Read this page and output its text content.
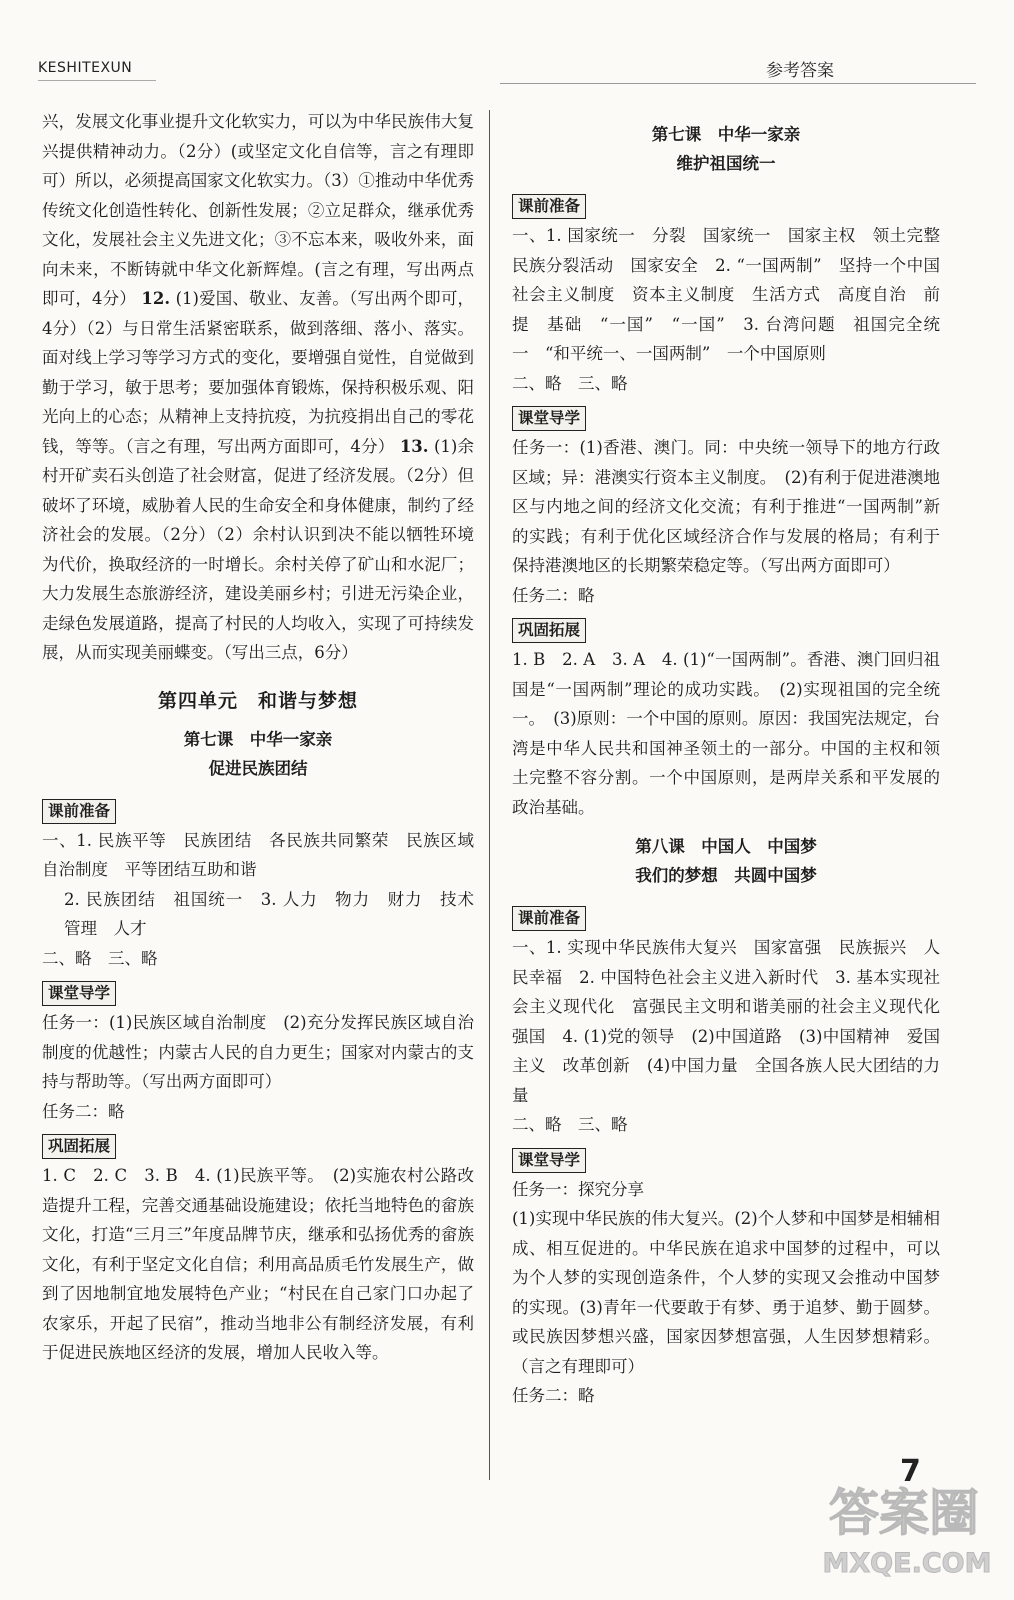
KESHITEXUN	参考答案

兴，发展文化事业提升文化软实力，可以为中华民族伟大复兴提供精神动力。（2分）(或坚定文化自信等，言之有理即可）所以，必须提高国家文化软实力。（3）①推动中华优秀传统文化创造性转化、创新性发展；②立足群众，继承优秀文化，发展社会主义先进文化；③不忘本来，吸收外来，面向未来，不断铸就中华文化新辉煌。(言之有理，写出两点即可，4分） 12. (1)爱国、敬业、友善。（写出两个即可，4分）（2）与日常生活紧密联系，做到落细、落小、落实。面对线上学习等学习方式的变化，要增强自觉性，自觉做到勤于学习，敏于思考；要加强体育锻炼，保持积极乐观、阳光向上的心态；从精神上支持抗疫，为抗疫捐出自己的零花钱，等等。（言之有理，写出两方面即可，4分） 13. (1)余村开矿卖石头创造了社会财富，促进了经济发展。（2分）但破坏了环境，威胁着人民的生命安全和身体健康，制约了经济社会的发展。（2分）（2）余村认识到决不能以牺牲环境为代价，换取经济的一时增长。余村关停了矿山和水泥厂；大力发展生态旅游经济，建设美丽乡村；引进无污染企业，走绿色发展道路，提高了村民的人均收入，实现了可持续发展，从而实现美丽蝶变。（写出三点，6分）

第四单元　和谐与梦想
第七课　中华一家亲
促进民族团结
课前准备

一、1. 民族平等　民族团结　各民族共同繁荣　民族区域自治制度　平等团结互助和谐

2. 民族团结　祖国统一　3. 人力　物力　财力　技术　管理　人才

二、略　三、略

课堂导学

任务一：(1)民族区域自治制度　(2)充分发挥民族区域自治制度的优越性；内蒙古人民的自力更生；国家对内蒙古的支持与帮助等。（写出两方面即可）

任务二：略

巩固拓展

1. C　2. C　3. B　4. (1)民族平等。　(2)实施农村公路改造提升工程，完善交通基础设施建设；依托当地特色的畲族文化，打造“三月三”年度品牌节庆，继承和弘扬优秀的畲族文化，有利于坚定文化自信；利用高品质毛竹发展生产，做到了因地制宜地发展特色产业；“村民在自己家门口办起了农家乐，开起了民宿”，推动当地非公有制经济发展，有利于促进民族地区经济的发展，增加人民收入等。

第七课　中华一家亲
维护祖国统一
课前准备

一、1. 国家统一　分裂　国家统一　国家主权　领土完整　民族分裂活动　国家安全　2. “一国两制”　坚持一个中国　社会主义制度　资本主义制度　生活方式　高度自治　前提　基础　“一国”　“一国”　3. 台湾问题　祖国完全统一　“和平统一、一国两制”　一个中国原则

二、略　三、略

课堂导学

任务一：(1)香港、澳门。同：中央统一领导下的地方行政区域；异：港澳实行资本主义制度。　(2)有利于促进港澳地区与内地之间的经济文化交流；有利于推进“一国两制”新的实践；有利于优化区域经济合作与发展的格局；有利于保持港澳地区的长期繁荣稳定等。（写出两方面即可）

任务二：略

巩固拓展

1. B　2. A　3. A　4. (1)“一国两制”。香港、澳门回归祖国是“一国两制”理论的成功实践。　(2)实现祖国的完全统一。　(3)原则：一个中国的原则。原因：我国宪法规定，台湾是中华人民共和国神圣领土的一部分。中国的主权和领土完整不容分割。一个中国原则，是两岸关系和平发展的政治基础。

第八课　中国人　中国梦
我们的梦想　共圆中国梦
课前准备

一、1. 实现中华民族伟大复兴　国家富强　民族振兴　人民幸福　2. 中国特色社会主义进入新时代　3. 基本实现社会主义现代化　富强民主文明和谐美丽的社会主义现代化强国　4. (1)党的领导　(2)中国道路　(3)中国精神　爱国主义　改革创新　(4)中国力量　全国各族人民大团结的力量

二、略　三、略

课堂导学

任务一：探究分享

(1)实现中华民族的伟大复兴。(2)个人梦和中国梦是相辅相成、相互促进的。中华民族在追求中国梦的过程中，可以为个人梦的实现创造条件，个人梦的实现又会推动中国梦的实现。(3)青年一代要敢于有梦、勇于追梦、勤于圆梦。或民族因梦想兴盛，国家因梦想富强，人生因梦想精彩。（言之有理即可）

任务二：略

7
答案圈
MXQE.COM
